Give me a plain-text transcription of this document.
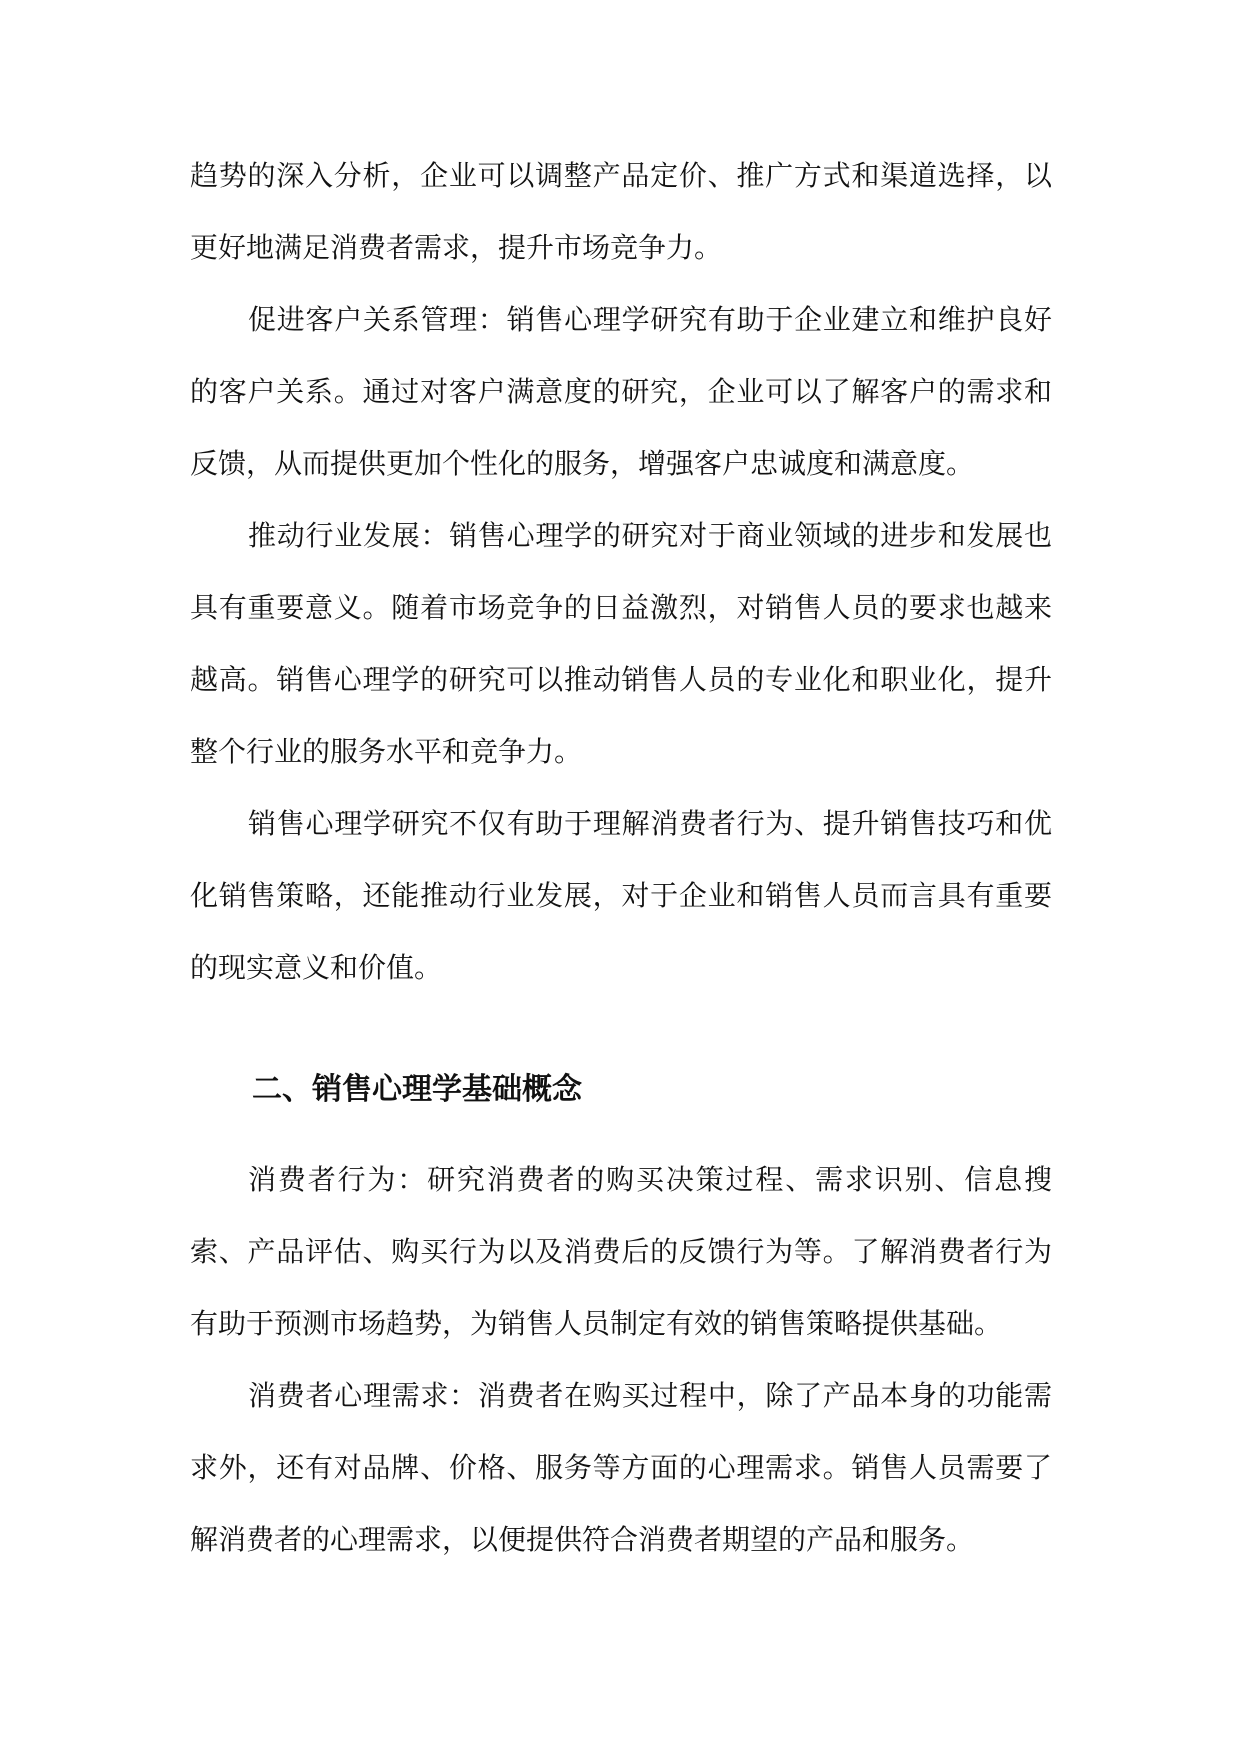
趋势的深入分析，企业可以调整产品定价、推广方式和渠道选择，以更好地满足消费者需求，提升市场竞争力。

促进客户关系管理：销售心理学研究有助于企业建立和维护良好的客户关系。通过对客户满意度的研究，企业可以了解客户的需求和反馈，从而提供更加个性化的服务，增强客户忠诚度和满意度。

推动行业发展：销售心理学的研究对于商业领域的进步和发展也具有重要意义。随着市场竞争的日益激烈，对销售人员的要求也越来越高。销售心理学的研究可以推动销售人员的专业化和职业化，提升整个行业的服务水平和竞争力。

销售心理学研究不仅有助于理解消费者行为、提升销售技巧和优化销售策略，还能推动行业发展，对于企业和销售人员而言具有重要的现实意义和价值。

二、销售心理学基础概念

消费者行为：研究消费者的购买决策过程、需求识别、信息搜索、产品评估、购买行为以及消费后的反馈行为等。了解消费者行为有助于预测市场趋势，为销售人员制定有效的销售策略提供基础。

消费者心理需求：消费者在购买过程中，除了产品本身的功能需求外，还有对品牌、价格、服务等方面的心理需求。销售人员需要了解消费者的心理需求，以便提供符合消费者期望的产品和服务。
